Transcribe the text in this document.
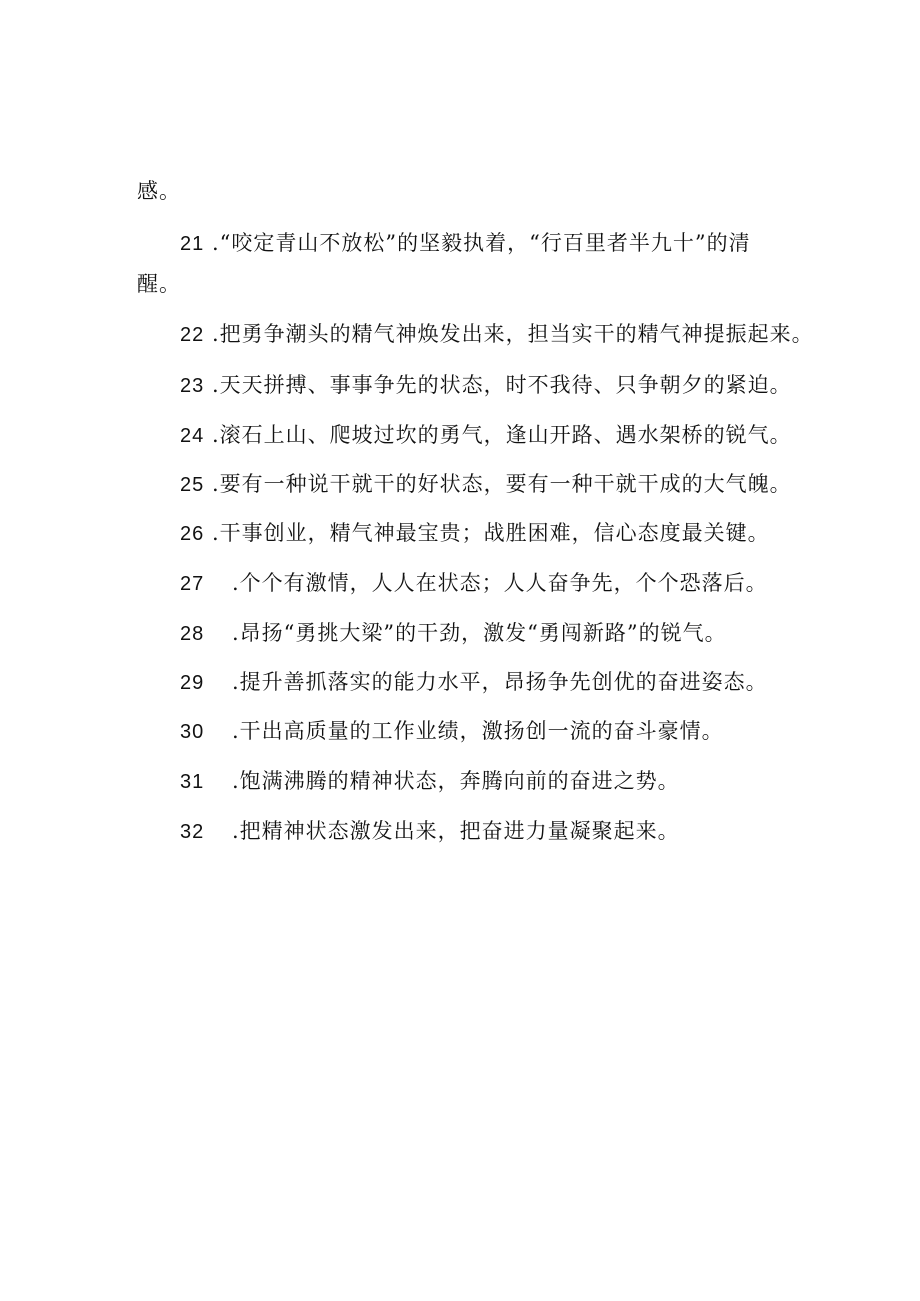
感。
21 .“咬定青山不放松”的坚毅执着，“行百里者半九十”的清
醒。
22 .把勇争潮头的精气神焕发出来，担当实干的精气神提振起来。
23 .天天拼搏、事事争先的状态，时不我待、只争朝夕的紧迫。
24 .滚石上山、爬坡过坎的勇气，逢山开路、遇水架桥的锐气。
25 .要有一种说干就干的好状态，要有一种干就干成的大气魄。
26 .干事创业，精气神最宝贵；战胜困难，信心态度最关键。
27 .个个有激情，人人在状态；人人奋争先，个个恐落后。
28 .昂扬“勇挑大梁”的干劲，激发“勇闯新路”的锐气。
29 .提升善抓落实的能力水平，昂扬争先创优的奋进姿态。
30 .干出高质量的工作业绩，激扬创一流的奋斗豪情。
31 .饱满沸腾的精神状态，奔腾向前的奋进之势。
32 .把精神状态激发出来，把奋进力量凝聚起来。
